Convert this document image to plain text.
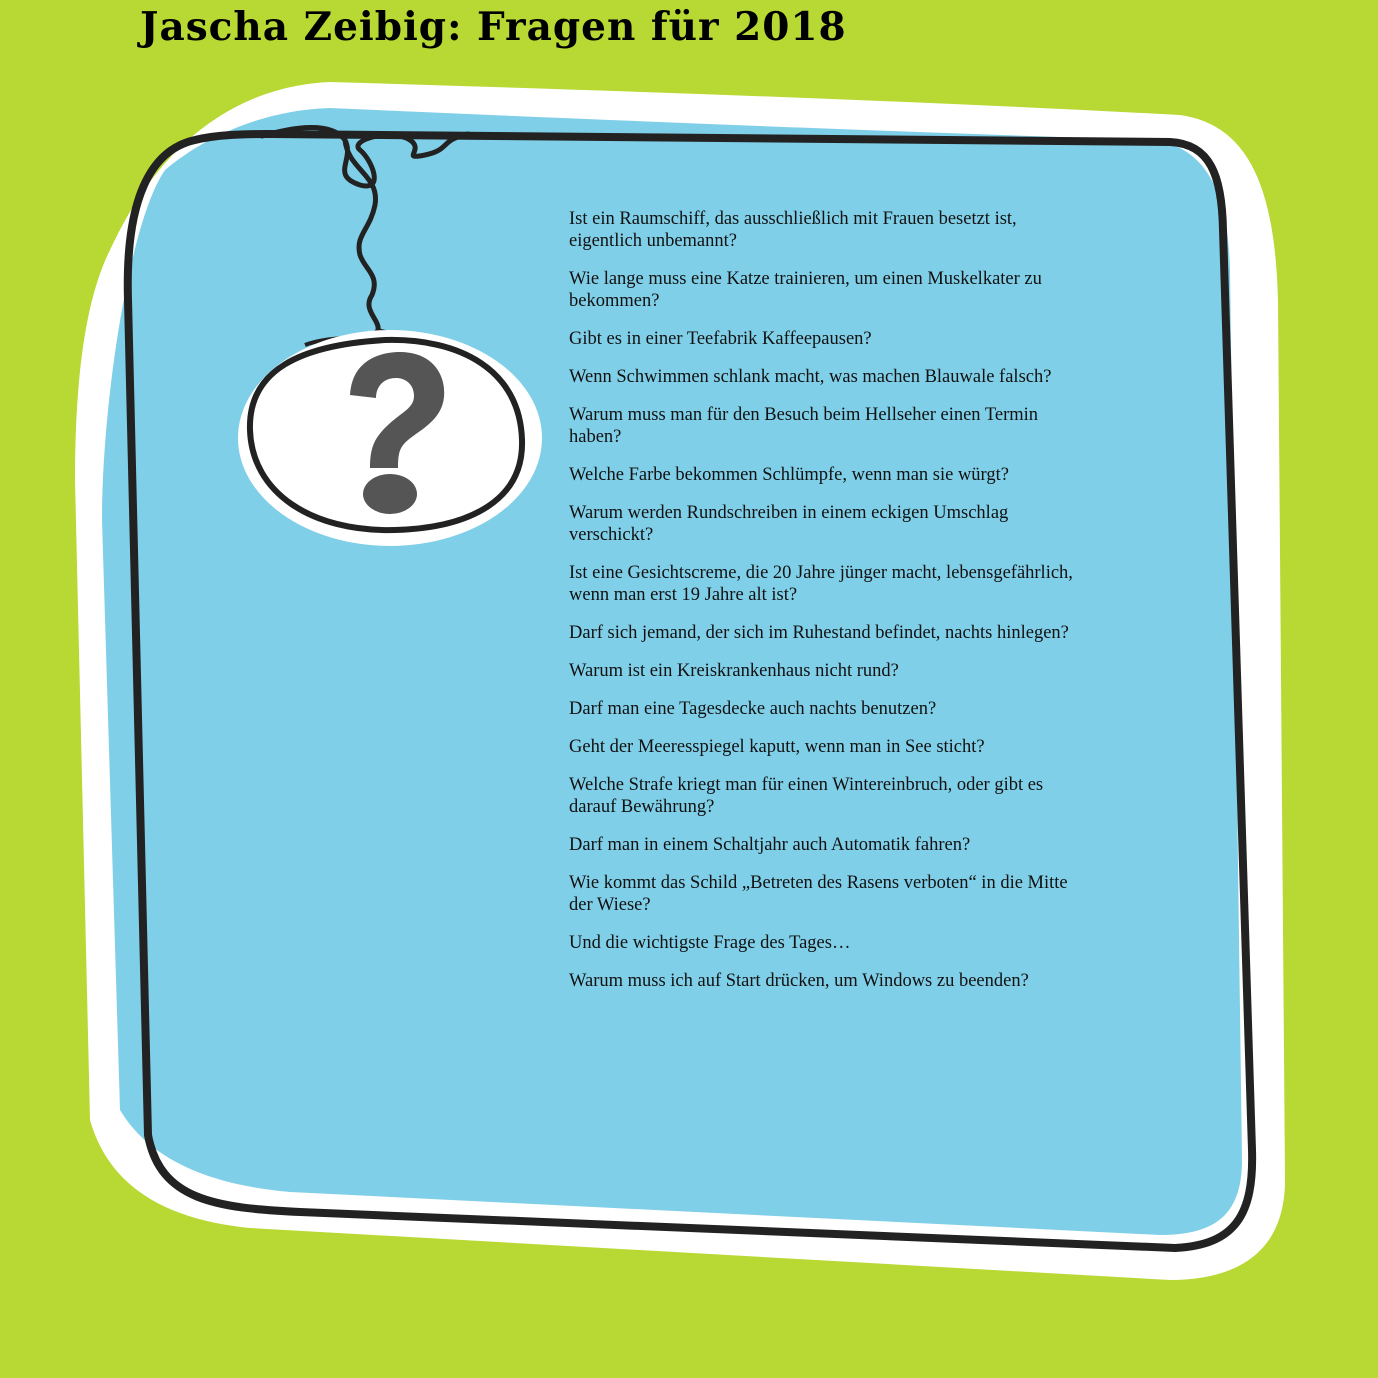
Jascha Zeibig: Fragen für 2018

Ist ein Raumschiff, das ausschließlich mit Frauen besetzt ist, eigentlich unbemannt?

Wie lange muss eine Katze trainieren, um einen Muskelkater zu bekommen?

Gibt es in einer Teefabrik Kaffeepausen?

Wenn Schwimmen schlank macht, was machen Blauwale falsch?

Warum muss man für den Besuch beim Hellseher einen Termin haben?

Welche Farbe bekommen Schlümpfe, wenn man sie würgt?

Warum werden Rundschreiben in einem eckigen Umschlag verschickt?

Ist eine Gesichtscreme, die 20 Jahre jünger macht, lebensgefährlich, wenn man erst 19 Jahre alt ist?

Darf sich jemand, der sich im Ruhestand befindet, nachts hinlegen?

Warum ist ein Kreiskrankenhaus nicht rund?

Darf man eine Tagesdecke auch nachts benutzen?

Geht der Meeresspiegel kaputt, wenn man in See sticht?

Welche Strafe kriegt man für einen Wintereinbruch, oder gibt es darauf Bewährung?

Darf man in einem Schaltjahr auch Automatik fahren?

Wie kommt das Schild „Betreten des Rasens verboten“ in die Mitte der Wiese?

Und die wichtigste Frage des Tages…

Warum muss ich auf Start drücken, um Windows zu beenden?
